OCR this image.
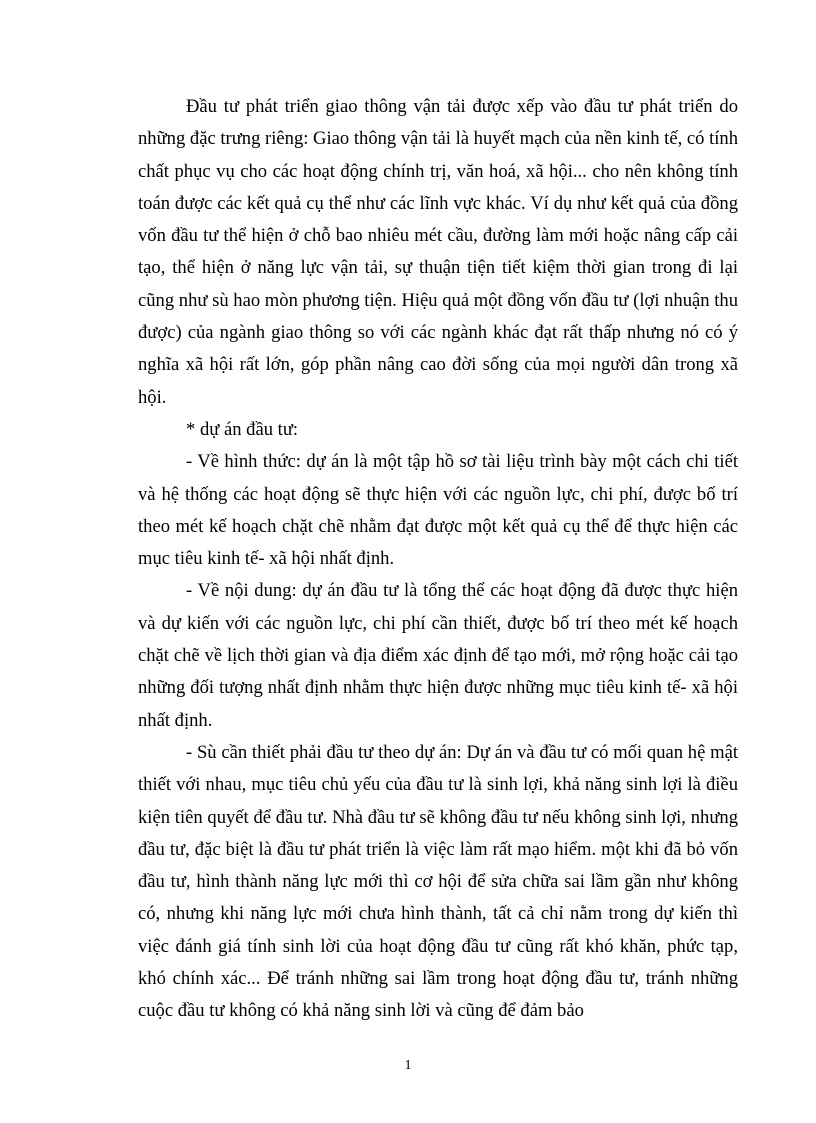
Đầu tư phát triển giao thông vận tải được xếp vào đầu tư phát triển do những đặc trưng riêng: Giao thông vận tải là huyết mạch của nền kinh tế, có tính chất phục vụ cho các hoạt động chính trị, văn hoá, xã hội... cho nên không tính toán được các kết quả cụ thể như các lĩnh vực khác. Ví dụ như kết quả của đồng vốn đầu tư thể hiện ở chỗ bao nhiêu mét cầu, đường làm mới hoặc nâng cấp cải tạo, thể hiện ở năng lực vận tải, sự thuận tiện tiết kiệm thời gian trong đi lại cũng như sù hao mòn phương tiện. Hiệu quả một đồng vốn đầu tư (lợi nhuận thu được) của ngành giao thông so với các ngành khác đạt rất thấp nhưng nó có ý nghĩa xã hội rất lớn, góp phần nâng cao đời sống của mọi người dân trong xã hội.

* dự án đầu tư:

- Về hình thức: dự án là một tập hồ sơ tài liệu trình bày một cách chi tiết và hệ thống các hoạt động sẽ thực hiện với các nguồn lực, chi phí, được bố trí theo mét kế hoạch chặt chẽ nhằm đạt được một kết quả cụ thể để thực hiện các mục tiêu kinh tế- xã hội nhất định.

- Về nội dung: dự án đầu tư là tổng thể các hoạt động đã được thực hiện và dự kiến với các nguồn lực, chi phí cần thiết, được bố trí theo mét kế hoạch chặt chẽ về lịch thời gian và địa điểm xác định để tạo mới, mở rộng hoặc cải tạo những đối tượng nhất định nhằm thực hiện được những mục tiêu kinh tế- xã hội nhất định.

- Sù cần thiết phải đầu tư theo dự án: Dự án và đầu tư có mối quan hệ mật thiết với nhau, mục tiêu chủ yếu của đầu tư là sinh lợi, khả năng sinh lợi là điều kiện tiên quyết để đầu tư. Nhà đầu tư sẽ không đầu tư nếu không sinh lợi, nhưng đầu tư, đặc biệt là đầu tư phát triển là việc làm rất mạo hiểm. một khi đã bỏ vốn đầu tư, hình thành năng lực mới thì cơ hội để sửa chữa sai lầm gần như không có, nhưng khi năng lực mới chưa hình thành, tất cả chỉ nằm trong dự kiến thì việc đánh giá tính sinh lời của hoạt động đầu tư cũng rất khó khăn, phức tạp, khó chính xác... Để tránh những sai lầm trong hoạt động đầu tư, tránh những cuộc đầu tư không có khả năng sinh lời và cũng để đảm bảo

1
